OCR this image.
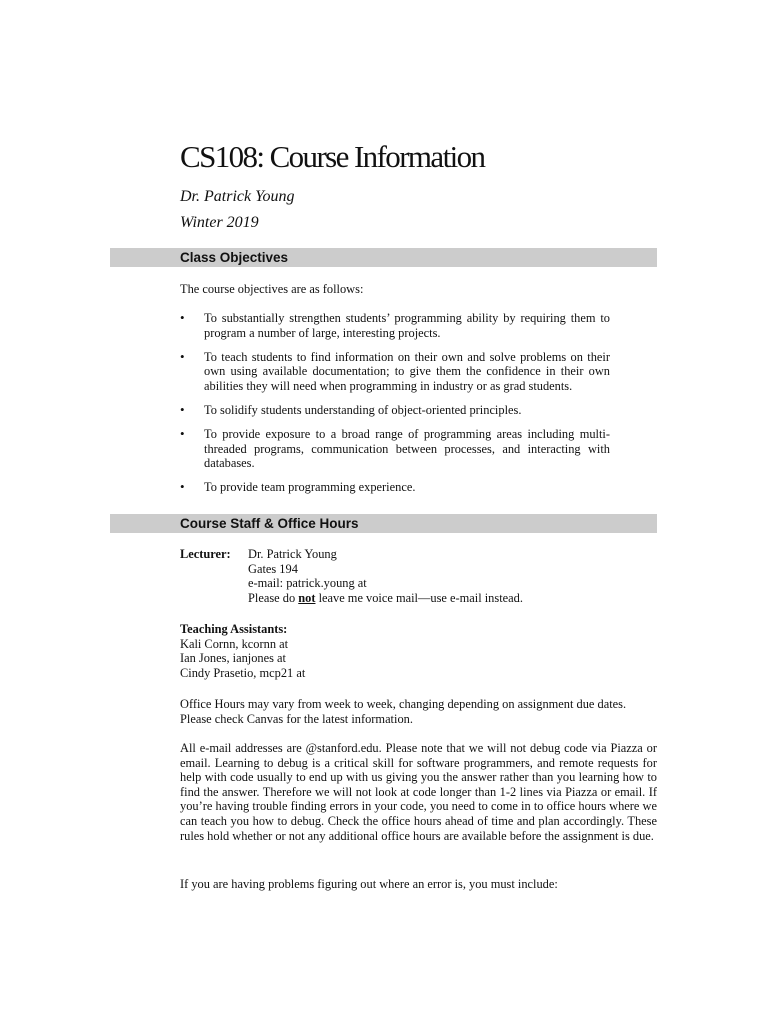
CS108: Course Information
Dr. Patrick Young
Winter 2019
Class Objectives
The course objectives are as follows:
• To substantially strengthen students’ programming ability by requiring them to program a number of large, interesting projects.
• To teach students to find information on their own and solve problems on their own using available documentation; to give them the confidence in their own abilities they will need when programming in industry or as grad students.
• To solidify students understanding of object-oriented principles.
• To provide exposure to a broad range of programming areas including multi-threaded programs, communication between processes, and interacting with databases.
• To provide team programming experience.
Course Staff & Office Hours
Lecturer: Dr. Patrick Young
Gates 194
e-mail: patrick.young at
Please do not leave me voice mail—use e-mail instead.
Teaching Assistants:
Kali Cornn, kcornn at
Ian Jones, ianjones at
Cindy Prasetio, mcp21 at
Office Hours may vary from week to week, changing depending on assignment due dates. Please check Canvas for the latest information.
All e-mail addresses are @stanford.edu. Please note that we will not debug code via Piazza or email. Learning to debug is a critical skill for software programmers, and remote requests for help with code usually to end up with us giving you the answer rather than you learning how to find the answer. Therefore we will not look at code longer than 1-2 lines via Piazza or email. If you’re having trouble finding errors in your code, you need to come in to office hours where we can teach you how to debug. Check the office hours ahead of time and plan accordingly. These rules hold whether or not any additional office hours are available before the assignment is due.
If you are having problems figuring out where an error is, you must include:
